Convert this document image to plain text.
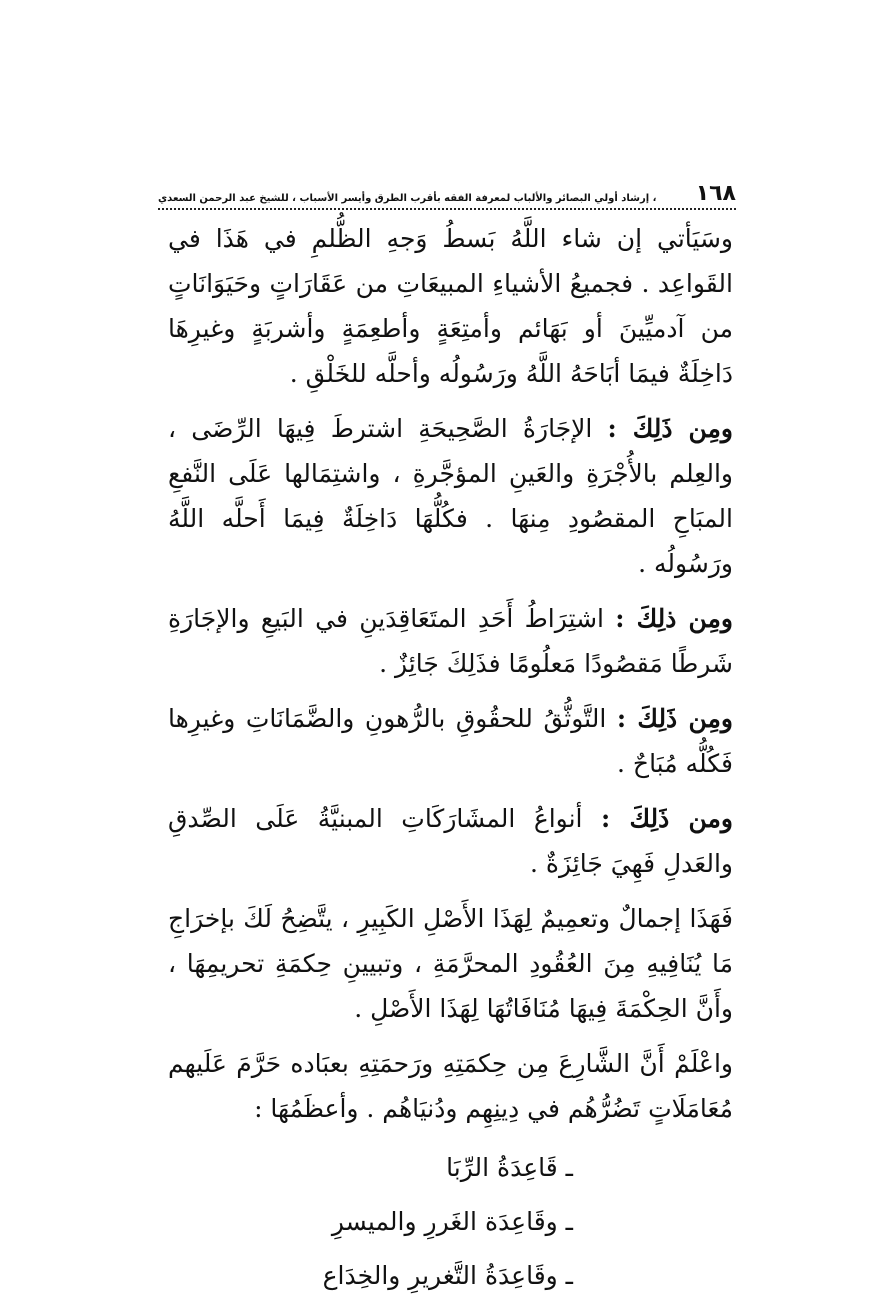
١٦٨
، إرشاد أولي البصائر والألباب لمعرفة الفقه بأقرب الطرق وأيسر الأسباب ، للشيخ عبد الرحمن السعدي

وسَيَأتي إن شاء اللَّهُ بَسطُ وَجهِ الظُّلمِ في هَذَا في القَواعِد . فجميعُ الأشياءِ المبيعَاتِ من عَقَارَاتٍ وحَيَوَانَاتٍ من آدميِّينَ أو بَهَائم وأمتِعَةٍ وأطعِمَةٍ وأشربَةٍ وغيرِهَا دَاخِلَةٌ فيمَا أبَاحَهُ اللَّهُ ورَسُولُه وأحلَّه للخَلْقِ .

ومِن ذَلِكَ : الإجَارَةُ الصَّحِيحَةِ اشترطَ فِيهَا الرِّضَى ، والعِلم بالأُجْرَةِ والعَينِ المؤجَّرةِ ، واشتِمَالها عَلَى النَّفعِ المبَاحِ المقصُودِ مِنهَا . فكُلُّهَا دَاخِلَةٌ فِيمَا أَحلَّه اللَّهُ ورَسُولُه .

ومِن ذلِكَ : اشتِرَاطُ أَحَدِ المتَعَاقِدَينِ في البَيعِ والإجَارَةِ شَرطًا مَقصُودًا مَعلُومًا فذَلِكَ جَائِزٌ .

ومِن ذَلِكَ : التَّوثُّقُ للحقُوقِ بالرُّهونِ والضَّمَانَاتِ وغيرِها فَكُلُّه مُبَاحٌ .

ومن ذَلِكَ : أنواعُ المشَارَكَاتِ المبنيَّةُ عَلَى الصِّدقِ والعَدلِ فَهِيَ جَائِزَةٌ .

فَهَذَا إجمالٌ وتعمِيمٌ لِهَذَا الأَصْلِ الكَبِيرِ ، يتَّضِحُ لَكَ بإخرَاجِ مَا يُنَافِيهِ مِنَ العُقُودِ المحرَّمَةِ ، وتبيينِ حِكمَةِ تحريمِهَا ، وأَنَّ الحِكْمَةَ فِيهَا مُنَافَاتُهَا لِهَذَا الأَصْلِ .

واعْلَمْ أَنَّ الشَّارِعَ مِن حِكمَتِهِ ورَحمَتِهِ بعبَاده حَرَّمَ عَلَيهم مُعَامَلَاتٍ تَضُرُّهُم في دِينِهِم ودُنيَاهُم . وأعظَمُهَا :

ـ قَاعِدَةُ الرِّبَا
ـ وقَاعِدَة الغَررِ والميسرِ
ـ وقَاعِدَةُ التَّغريرِ والخِدَاع
